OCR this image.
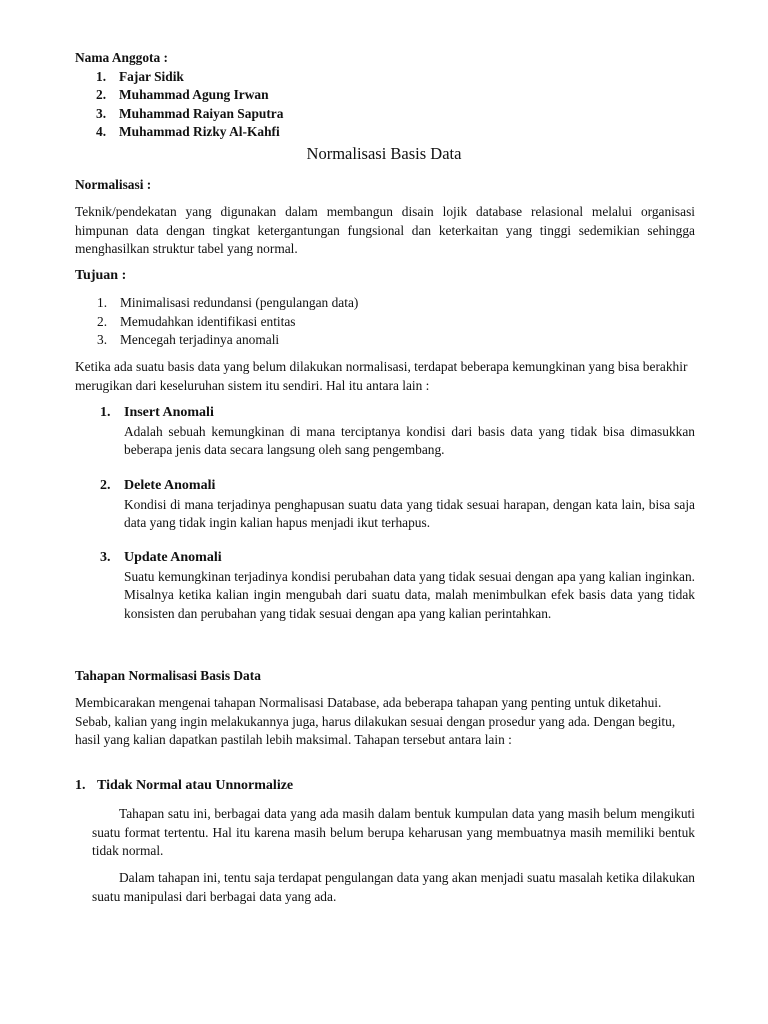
Nama Anggota :
1. Fajar Sidik
2. Muhammad Agung Irwan
3. Muhammad Raiyan Saputra
4. Muhammad Rizky Al-Kahfi
Normalisasi Basis Data
Normalisasi :
Teknik/pendekatan yang digunakan dalam membangun disain lojik database relasional melalui organisasi himpunan data dengan tingkat ketergantungan fungsional dan keterkaitan yang tinggi sedemikian sehingga menghasilkan struktur tabel yang normal.
Tujuan :
1. Minimalisasi redundansi (pengulangan data)
2. Memudahkan identifikasi entitas
3. Mencegah terjadinya anomali
Ketika ada suatu basis data yang belum dilakukan normalisasi, terdapat beberapa kemungkinan yang bisa berakhir merugikan dari keseluruhan sistem itu sendiri. Hal itu antara lain :
1. Insert Anomali
Adalah sebuah kemungkinan di mana terciptanya kondisi dari basis data yang tidak bisa dimasukkan beberapa jenis data secara langsung oleh sang pengembang.
2. Delete Anomali
Kondisi di mana terjadinya penghapusan suatu data yang tidak sesuai harapan, dengan kata lain, bisa saja data yang tidak ingin kalian hapus menjadi ikut terhapus.
3. Update Anomali
Suatu kemungkinan terjadinya kondisi perubahan data yang tidak sesuai dengan apa yang kalian inginkan. Misalnya ketika kalian ingin mengubah dari suatu data, malah menimbulkan efek basis data yang tidak konsisten dan perubahan yang tidak sesuai dengan apa yang kalian perintahkan.
Tahapan Normalisasi Basis Data
Membicarakan mengenai tahapan Normalisasi Database, ada beberapa tahapan yang penting untuk diketahui. Sebab, kalian yang ingin melakukannya juga, harus dilakukan sesuai dengan prosedur yang ada. Dengan begitu, hasil yang kalian dapatkan pastilah lebih maksimal. Tahapan tersebut antara lain :
1. Tidak Normal atau Unnormalize
Tahapan satu ini, berbagai data yang ada masih dalam bentuk kumpulan data yang masih belum mengikuti suatu format tertentu. Hal itu karena masih belum berupa keharusan yang membuatnya masih memiliki bentuk tidak normal.
Dalam tahapan ini, tentu saja terdapat pengulangan data yang akan menjadi suatu masalah ketika dilakukan suatu manipulasi dari berbagai data yang ada.
